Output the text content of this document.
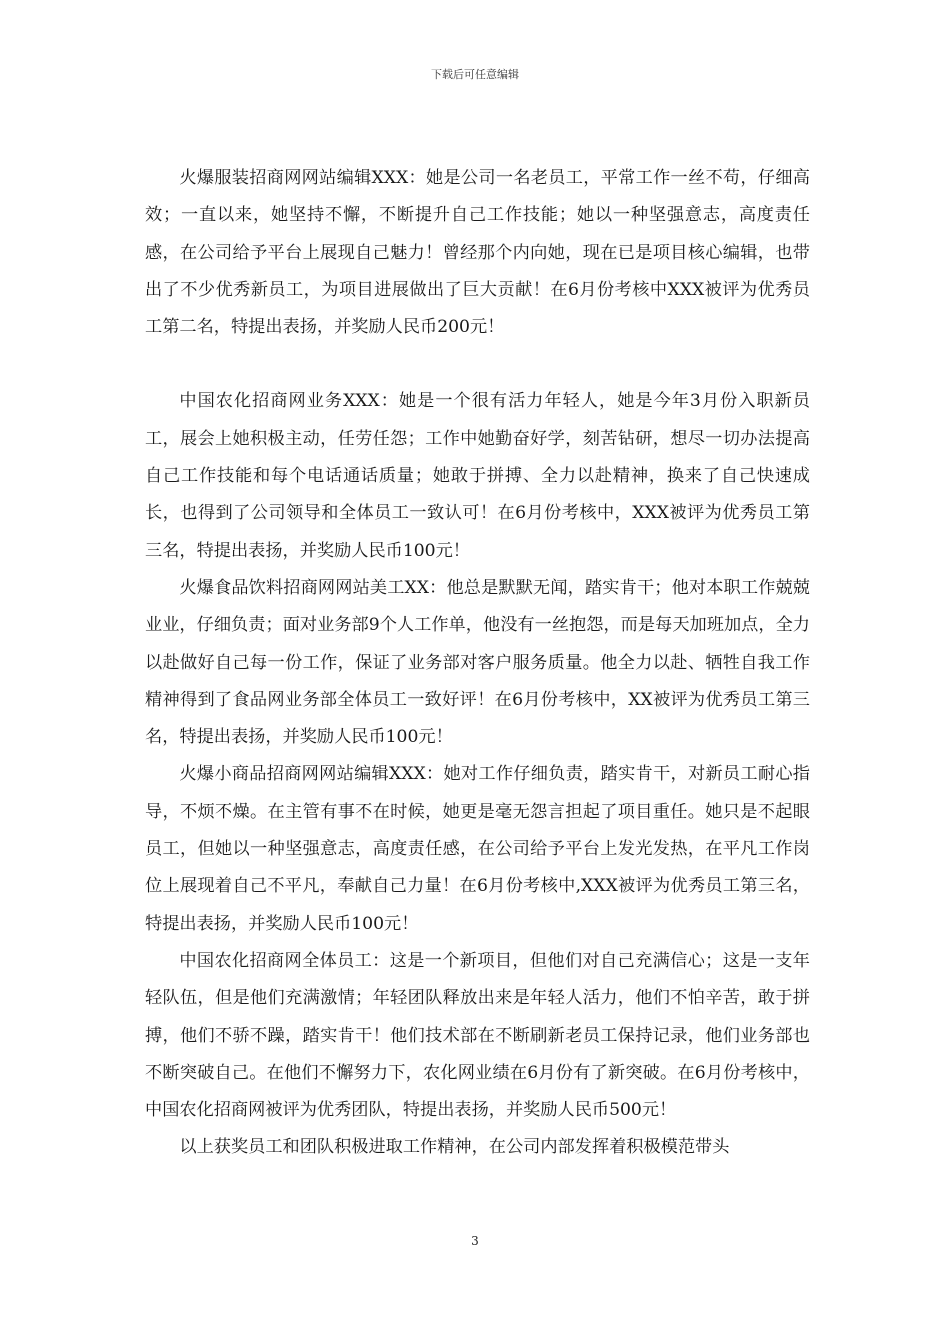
下载后可任意编辑

火爆服装招商网网站编辑XXX：她是公司一名老员工，平常工作一丝不苟，仔细高效；一直以来，她坚持不懈，不断提升自己工作技能；她以一种坚强意志，高度责任感，在公司给予平台上展现自己魅力！曾经那个内向她，现在已是项目核心编辑，也带出了不少优秀新员工，为项目进展做出了巨大贡献！在6月份考核中XXX被评为优秀员工第二名，特提出表扬，并奖励人民币200元！

中国农化招商网业务XXX：她是一个很有活力年轻人，她是今年3月份入职新员工，展会上她积极主动，任劳任怨；工作中她勤奋好学，刻苦钻研，想尽一切办法提高自己工作技能和每个电话通话质量；她敢于拼搏、全力以赴精神，换来了自己快速成长，也得到了公司领导和全体员工一致认可！在6月份考核中，XXX被评为优秀员工第三名，特提出表扬，并奖励人民币100元！

火爆食品饮料招商网网站美工XX：他总是默默无闻，踏实肯干；他对本职工作兢兢业业，仔细负责；面对业务部9个人工作单，他没有一丝抱怨，而是每天加班加点，全力以赴做好自己每一份工作，保证了业务部对客户服务质量。他全力以赴、牺牲自我工作精神得到了食品网业务部全体员工一致好评！在6月份考核中，XX被评为优秀员工第三名，特提出表扬，并奖励人民币100元！

火爆小商品招商网网站编辑XXX：她对工作仔细负责，踏实肯干，对新员工耐心指导，不烦不燥。在主管有事不在时候，她更是毫无怨言担起了项目重任。她只是不起眼员工，但她以一种坚强意志，高度责任感，在公司给予平台上发光发热，在平凡工作岗位上展现着自己不平凡，奉献自己力量！在6月份考核中,XXX被评为优秀员工第三名，特提出表扬，并奖励人民币100元！

中国农化招商网全体员工：这是一个新项目，但他们对自己充满信心；这是一支年轻队伍，但是他们充满激情；年轻团队释放出来是年轻人活力，他们不怕辛苦，敢于拼搏，他们不骄不躁，踏实肯干！他们技术部在不断刷新老员工保持记录，他们业务部也不断突破自己。在他们不懈努力下，农化网业绩在6月份有了新突破。在6月份考核中，中国农化招商网被评为优秀团队，特提出表扬，并奖励人民币500元！

以上获奖员工和团队积极进取工作精神，在公司内部发挥着积极模范带头

3
